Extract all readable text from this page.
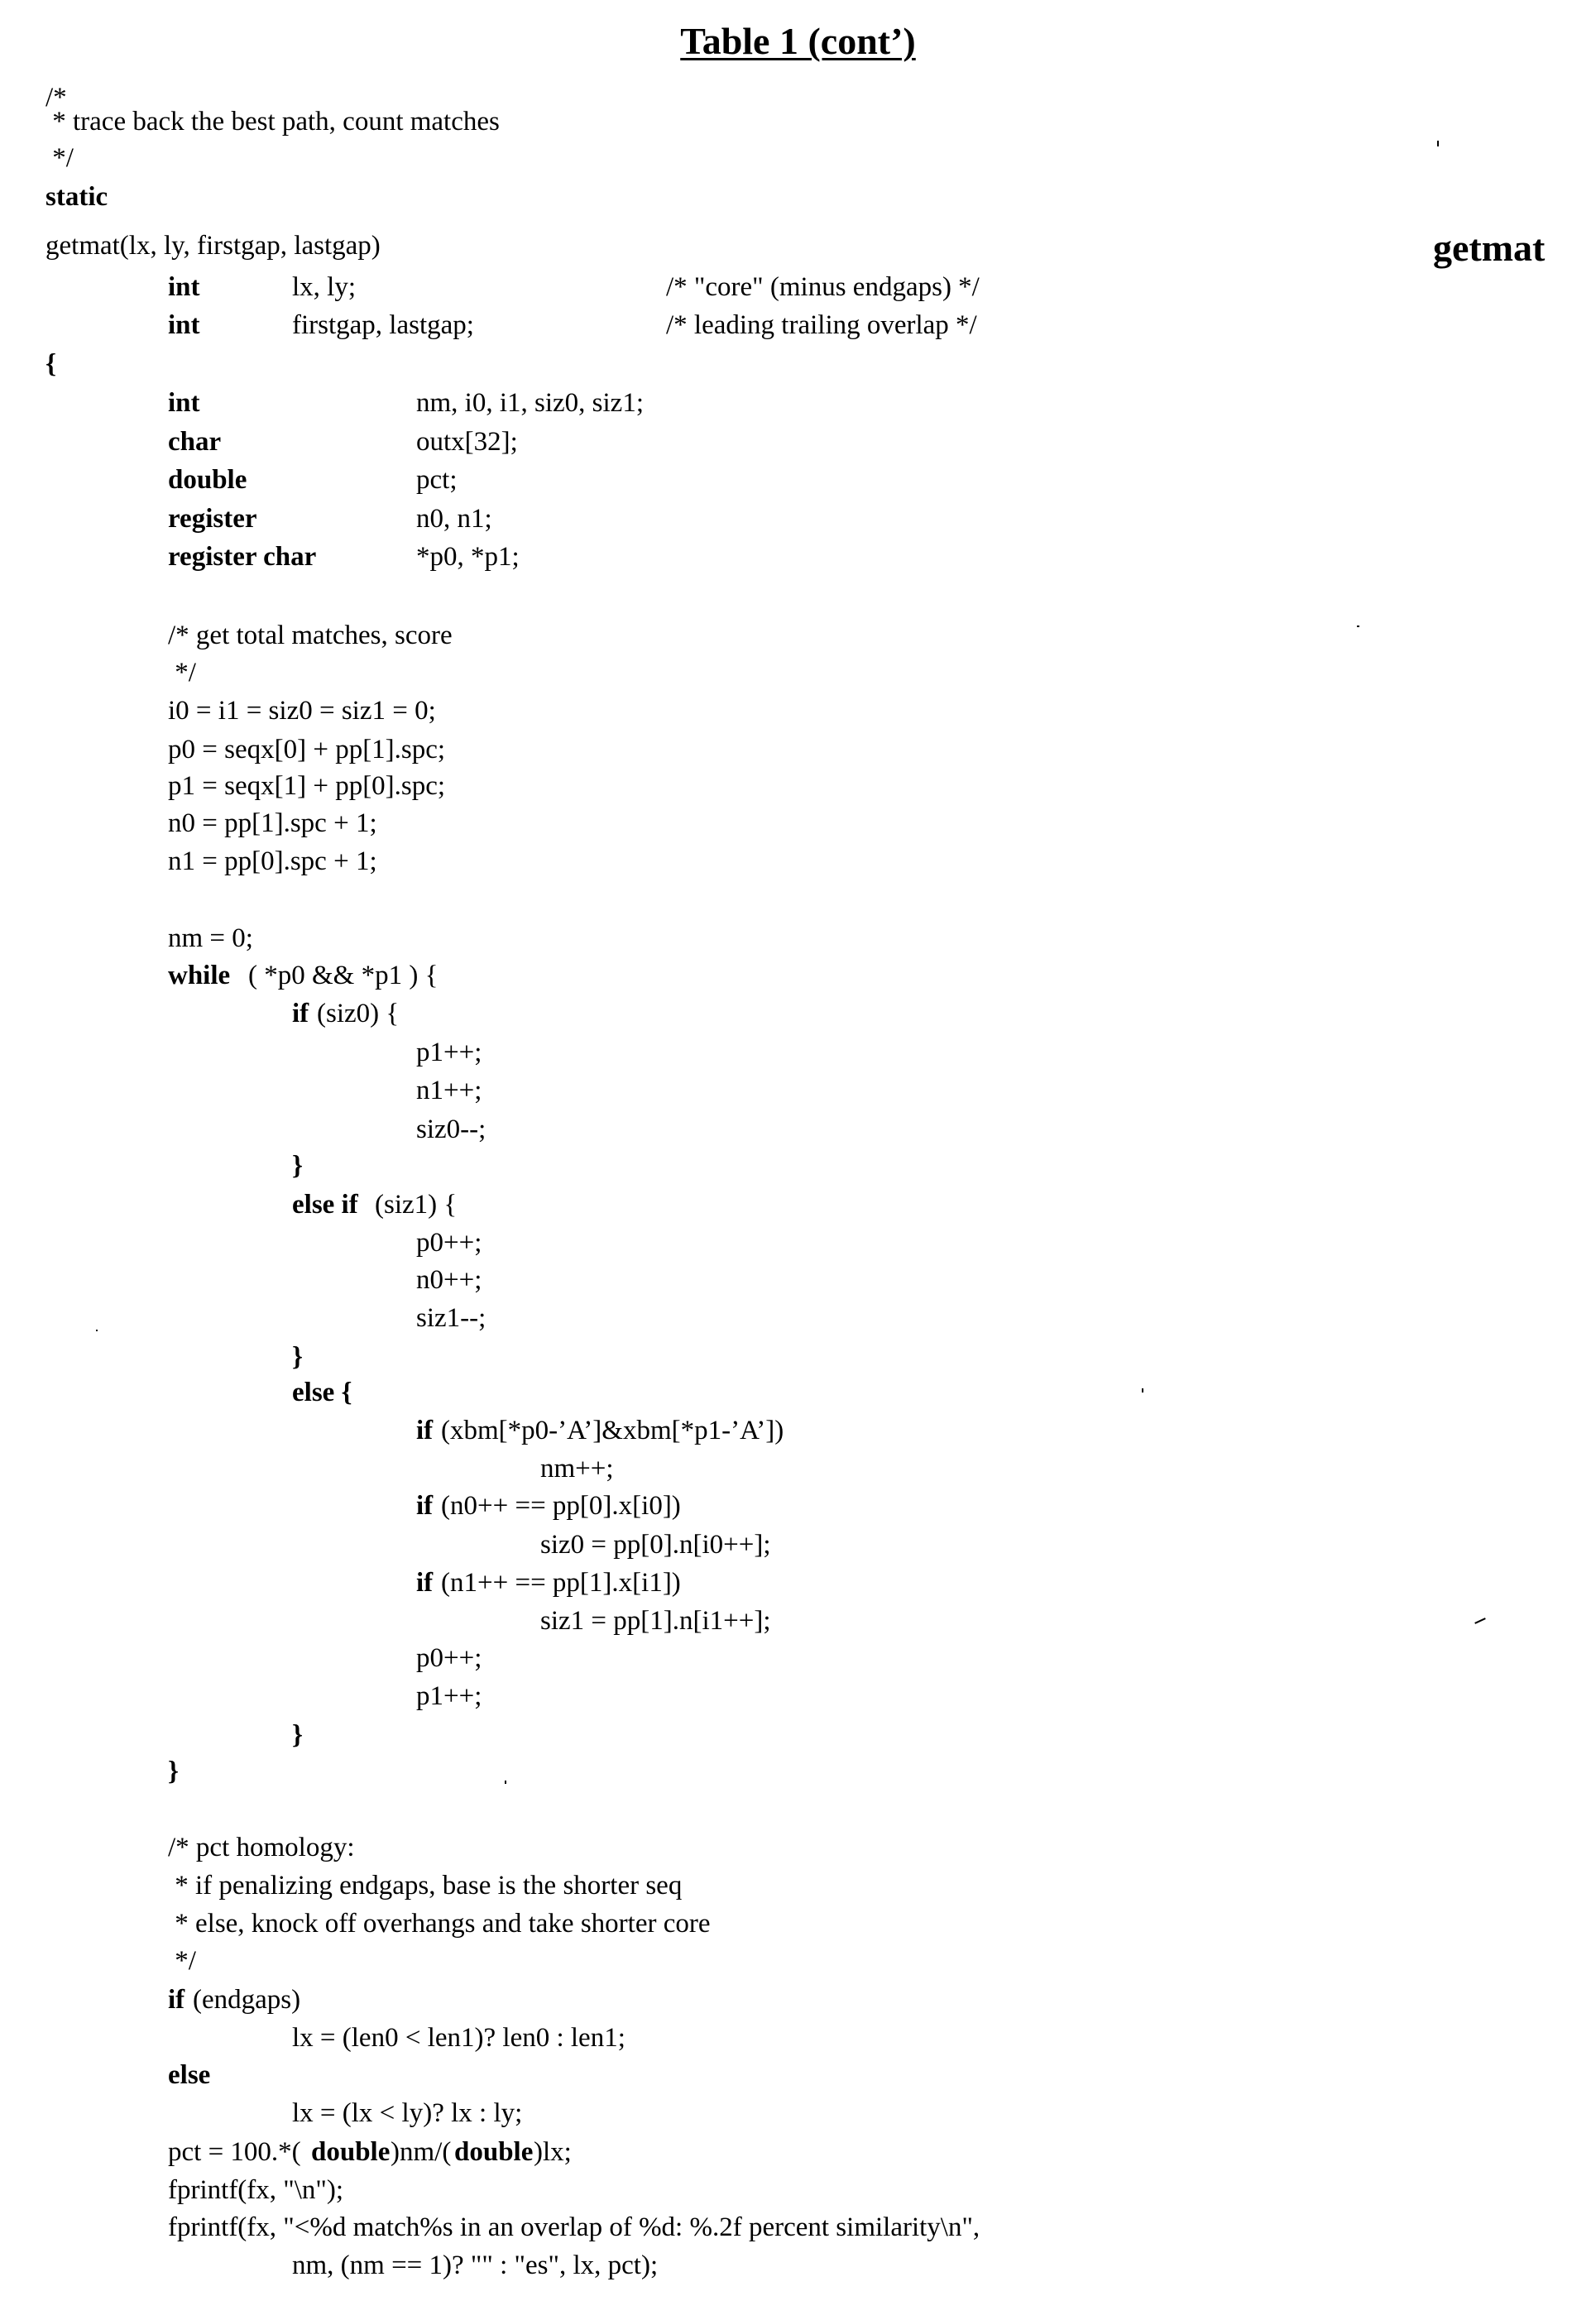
Table 1 (cont’)
getmat
/*
* trace back the best path, count matches
*/
static
getmat(lx, ly, firstgap, lastgap)
int	lx, ly;	/* "core" (minus endgaps) */
int	firstgap, lastgap;	/* leading trailing overlap */
{
int	nm, i0, i1, siz0, siz1;
char	outx[32];
double	pct;
register	n0, n1;
register char	*p0, *p1;
/* get total matches, score
*/
i0 = i1 = siz0 = siz1 = 0;
p0 = seqx[0] + pp[1].spc;
p1 = seqx[1] + pp[0].spc;
n0 = pp[1].spc + 1;
n1 = pp[0].spc + 1;
nm = 0;
while ( *p0 && *p1 ) {
if (siz0) {
p1++;
n1++;
siz0--;
}
else if (siz1) {
p0++;
n0++;
siz1--;
}
else {
if (xbm[*p0-’A’]&xbm[*p1-’A’])
nm++;
if (n0++ == pp[0].x[i0])
siz0 = pp[0].n[i0++];
if (n1++ == pp[1].x[i1])
siz1 = pp[1].n[i1++];
p0++;
p1++;
}
}
/* pct homology:
* if penalizing endgaps, base is the shorter seq
* else, knock off overhangs and take shorter core
*/
if (endgaps)
lx = (len0 < len1)? len0 : len1;
else
lx = (lx < ly)? lx : ly;
pct = 100.*( double )nm/( double )lx;
fprintf(fx, "\n");
fprintf(fx, "<%d match%s in an overlap of %d: %.2f percent similarity\n",
nm, (nm == 1)? "" : "es", lx, pct);
